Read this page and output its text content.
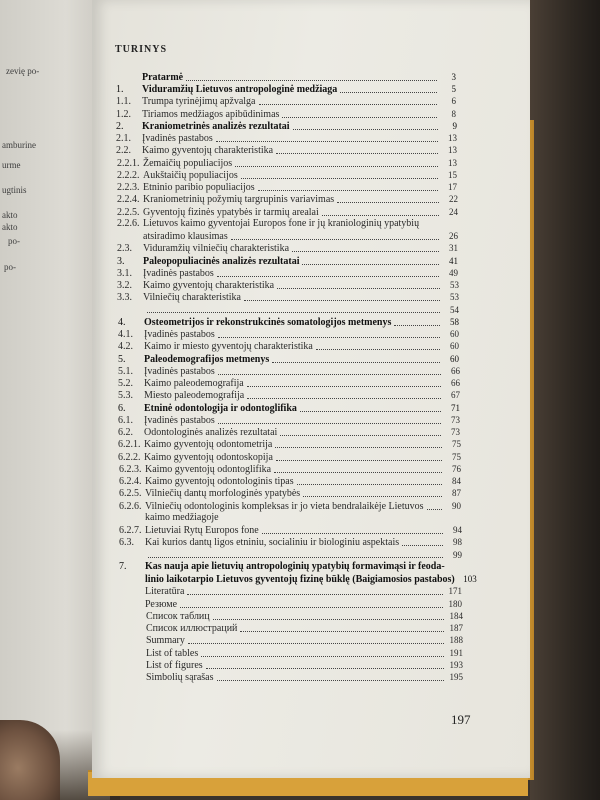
zevię po-
amburine
urme
ugtinis
akto
akto
po-
po-
TURINYS
Pratarmė	3
1.	Viduramžių Lietuvos antropologinė medžiaga	5
1.1.	Trumpa tyrinėjimų apžvalga	6
1.2.	Tiriamos medžiagos apibūdinimas	8
2.	Kraniometrinės analizės rezultatai	9
2.1.	Įvadinės pastabos	13
2.2.	Kaimo gyventojų charakteristika	13
2.2.1. Žemaičių populiacijos	13
2.2.2. Aukštaičių populiacijos	15
2.2.3. Etninio paribio populiacijos	17
2.2.4. Kraniometrinių požymių targrupinis variavimas	22
2.2.5. Gyventojų fizinės ypatybės ir tarmių arealai	24
2.2.6. Lietuvos kaimo gyventojai Europos fone ir jų kraniologinių ypatybių
atsiradimo klausimas	26
2.3.	Viduramžių vilniečių charakteristika	31
3.	Paleopopuliacinės analizės rezultatai	41
3.1.	Įvadinės pastabos	49
3.2.	Kaimo gyventojų charakteristika	53
3.3.	Vilniečių charakteristika	53
54
4.	Osteometrijos ir rekonstrukcinės somatologijos metmenys	58
4.1.	Įvadinės pastabos	60
4.2.	Kaimo ir miesto gyventojų charakteristika	60
5.	Paleodemografijos metmenys	60
5.1.	Įvadinės pastabos	66
5.2.	Kaimo paleodemografija	66
5.3.	Miesto paleodemografija	67
6.	Etninė odontologija ir odontoglifika	71
6.1.	Įvadinės pastabos	73
6.2.	Odontologinės analizės rezultatai	73
6.2.1. Kaimo gyventojų odontometrija	75
6.2.2. Kaimo gyventojų odontoskopija	75
6.2.3. Kaimo gyventojų odontoglifika	76
6.2.4. Kaimo gyventojų odontologinis tipas	84
6.2.5. Vilniečių dantų morfologinės ypatybės	87
6.2.6. Vilniečių odontologinis kompleksas ir jo vieta bendralaikėje Lietuvos	90
kaimo medžiagoje
6.2.7. Lietuviai Rytų Europos fone	94
6.3.	Kai kurios dantų ligos etniniu, socialiniu ir biologiniu aspektais	98
99
7.	Kas nauja apie lietuvių antropologinių ypatybių formavimąsi ir feoda-
linio laikotarpio Lietuvos gyventojų fizinę būklę (Baigiamosios pastabos) 103
Literatūra	171
Резюме	180
Список таблиц	184
Список иллюстраций	187
Summary	188
List of tables	191
List of figures	193
Simbolių sąrašas	195
197
